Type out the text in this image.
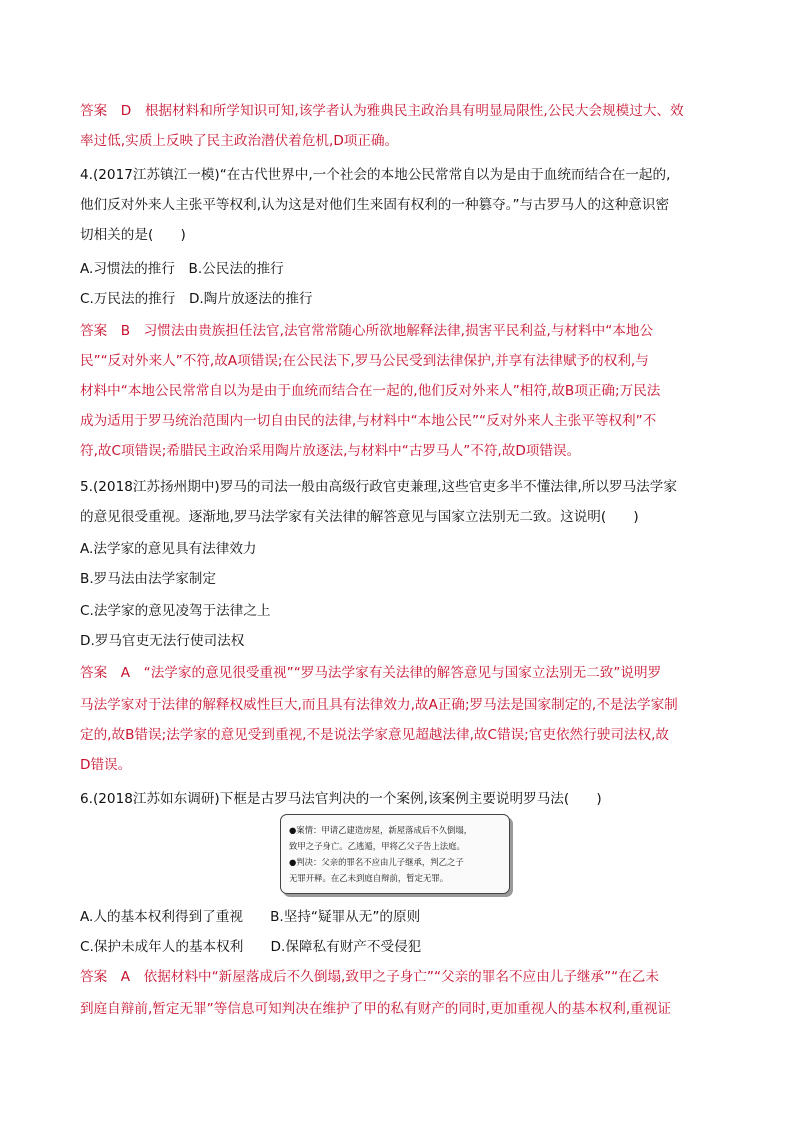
答案　D　根据材料和所学知识可知,该学者认为雅典民主政治具有明显局限性,公民大会规模过大、效
率过低,实质上反映了民主政治潜伏着危机,D项正确。
4.(2017江苏镇江一模)“在古代世界中,一个社会的本地公民常常自以为是由于血统而结合在一起的,
他们反对外来人主张平等权利,认为这是对他们生来固有权利的一种篡夺。”与古罗马人的这种意识密
切相关的是(　　)
A.习惯法的推行　B.公民法的推行
C.万民法的推行　D.陶片放逐法的推行
答案　B　习惯法由贵族担任法官,法官常常随心所欲地解释法律,损害平民利益,与材料中“本地公
民”“反对外来人”不符,故A项错误;在公民法下,罗马公民受到法律保护,并享有法律赋予的权利,与
材料中“本地公民常常自以为是由于血统而结合在一起的,他们反对外来人”相符,故B项正确;万民法
成为适用于罗马统治范围内一切自由民的法律,与材料中“本地公民”“反对外来人主张平等权利”不
符,故C项错误;希腊民主政治采用陶片放逐法,与材料中“古罗马人”不符,故D项错误。
5.(2018江苏扬州期中)罗马的司法一般由高级行政官吏兼理,这些官吏多半不懂法律,所以罗马法学家
的意见很受重视。逐渐地,罗马法学家有关法律的解答意见与国家立法别无二致。这说明(　　)
A.法学家的意见具有法律效力
B.罗马法由法学家制定
C.法学家的意见凌驾于法律之上
D.罗马官吏无法行使司法权
答案　A　“法学家的意见很受重视”“罗马法学家有关法律的解答意见与国家立法别无二致”说明罗
马法学家对于法律的解释权威性巨大,而且具有法律效力,故A正确;罗马法是国家制定的,不是法学家制
定的,故B错误;法学家的意见受到重视,不是说法学家意见超越法律,故C错误;官吏依然行驶司法权,故
D错误。
6.(2018江苏如东调研)下框是古罗马法官判决的一个案例,该案例主要说明罗马法(　　)
●案情：甲请乙建造房屋，新屋落成后不久倒塌，
致甲之子身亡。乙逃遁，甲将乙父子告上法庭。
●判决：父亲的罪名不应由儿子继承，判乙之子
无罪开释。在乙未到庭自辩前，暂定无罪。
A.人的基本权利得到了重视　　B.坚持“疑罪从无”的原则
C.保护未成年人的基本权利　　D.保障私有财产不受侵犯
答案　A　依据材料中“新屋落成后不久倒塌,致甲之子身亡”“父亲的罪名不应由儿子继承”“在乙未
到庭自辩前,暂定无罪”等信息可知判决在维护了甲的私有财产的同时,更加重视人的基本权利,重视证
